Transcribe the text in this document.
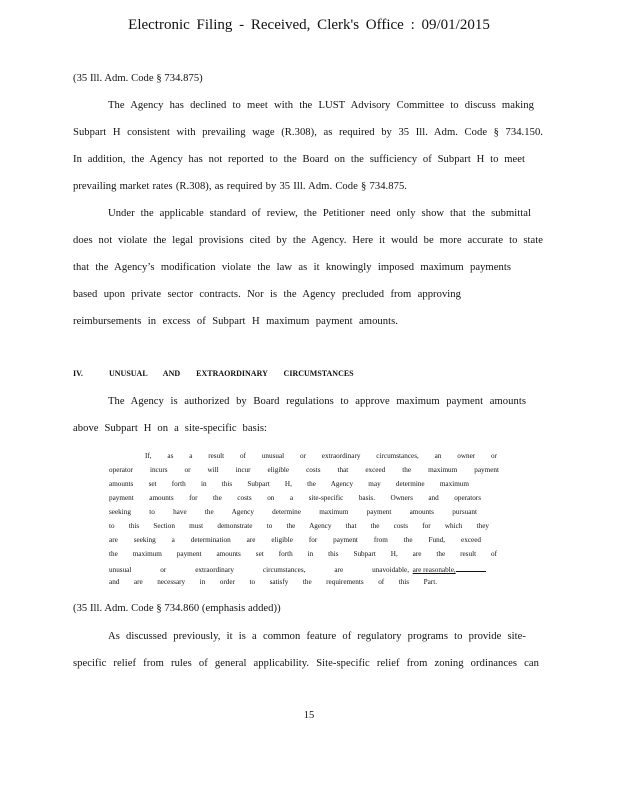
Electronic Filing - Received, Clerk's Office : 09/01/2015
(35 Ill. Adm. Code § 734.875)
The Agency has declined to meet with the LUST Advisory Committee to discuss making
Subpart H consistent with prevailing wage (R.308), as required by 35 Ill. Adm. Code § 734.150.
In addition, the Agency has not reported to the Board on the sufficiency of Subpart H to meet
prevailing market rates (R.308), as required by 35 Ill. Adm. Code § 734.875.
Under the applicable standard of review, the Petitioner need only show that the submittal
does not violate the legal provisions cited by the Agency. Here it would be more accurate to state
that the Agency’s modification violate the law as it knowingly imposed maximum payments
based upon private sector contracts. Nor is the Agency precluded from approving
reimbursements in excess of Subpart H maximum payment amounts.
IV.	UNUSUAL AND EXTRAORDINARY CIRCUMSTANCES
The Agency is authorized by Board regulations to approve maximum payment amounts
above Subpart H on a site-specific basis:
If, as a result of unusual or extraordinary circumstances, an owner or
operator incurs or will incur eligible costs that exceed the maximum payment
amounts set forth in this Subpart H, the Agency may determine maximum
payment amounts for the costs on a site-specific basis. Owners and operators
seeking to have the Agency determine maximum payment amounts pursuant
to this Section must demonstrate to the Agency that the costs for which they
are seeking a determination are eligible for payment from the Fund, exceed
the maximum payment amounts set forth in this Subpart H, are the result of
unusual or extraordinary circumstances, are unavoidable, are reasonable,
and are necessary in order to satisfy the requirements of this Part.
(35 Ill. Adm. Code § 734.860 (emphasis added))
As discussed previously, it is a common feature of regulatory programs to provide site-
specific relief from rules of general applicability. Site-specific relief from zoning ordinances can
15
